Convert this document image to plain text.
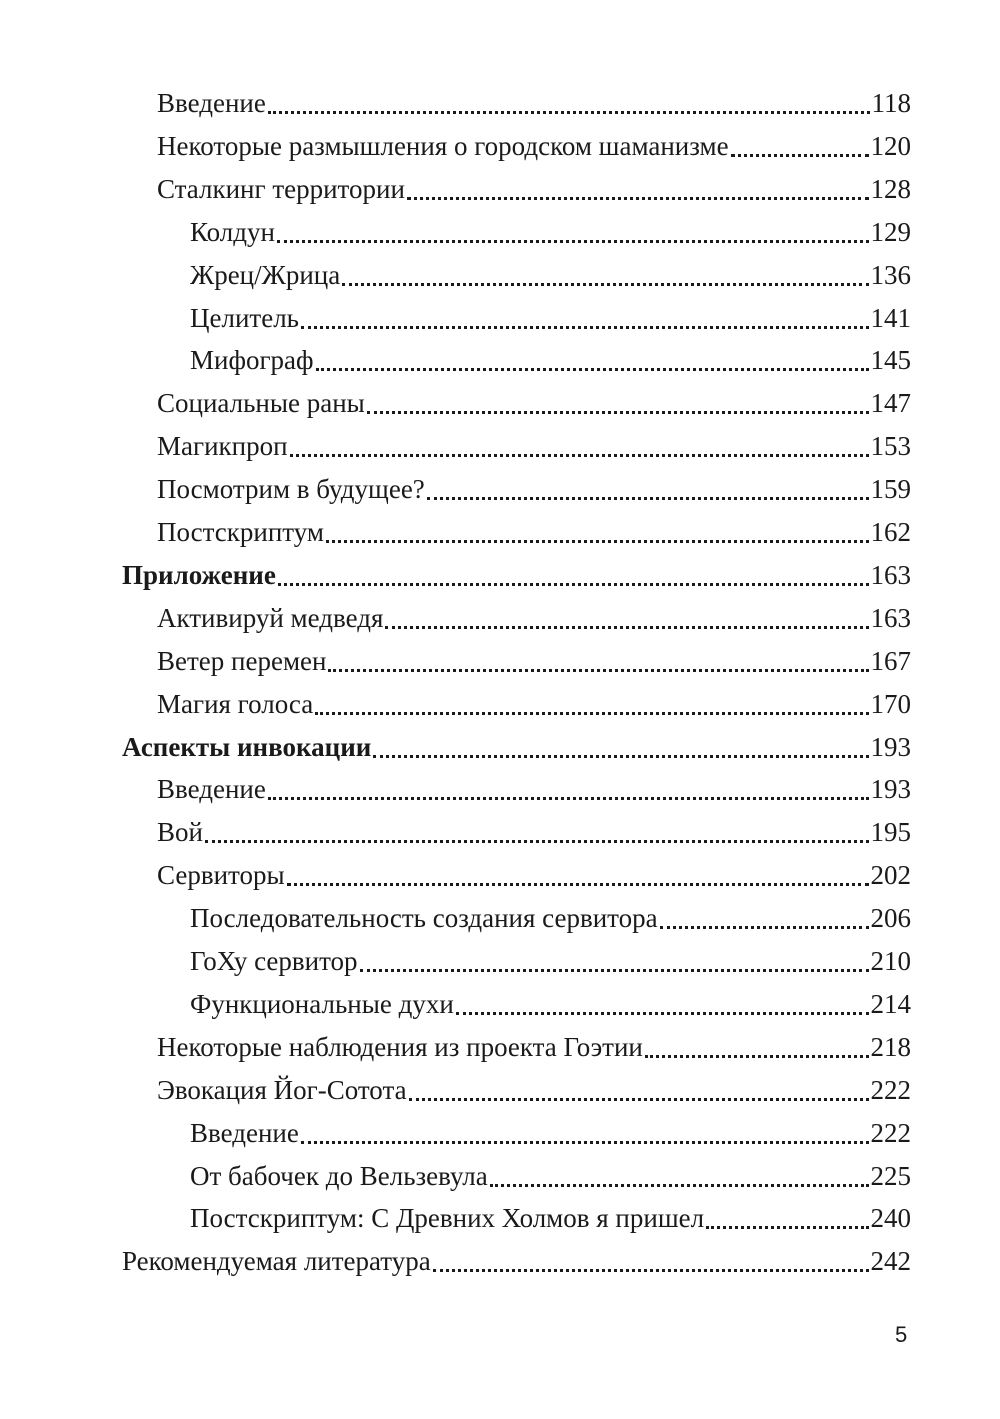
Введение	118
Некоторые размышления о городском шаманизме	120
Сталкинг территории	128
Колдун	129
Жрец/Жрица	136
Целитель	141
Мифограф	145
Социальные раны	147
Магикпроп	153
Посмотрим в будущее?	159
Постскриптум	162
Приложение	163
Активируй медведя	163
Ветер перемен	167
Магия голоса	170
Аспекты инвокации	193
Введение	193
Вой	195
Сервиторы	202
Последовательность создания сервитора	206
ГоХу сервитор	210
Функциональные духи	214
Некоторые наблюдения из проекта Гоэтии	218
Эвокация Йог-Сотота	222
Введение	222
От бабочек до Вельзевула	225
Постскриптум: С Древних Холмов я пришел	240
Рекомендуемая литература	242
5
